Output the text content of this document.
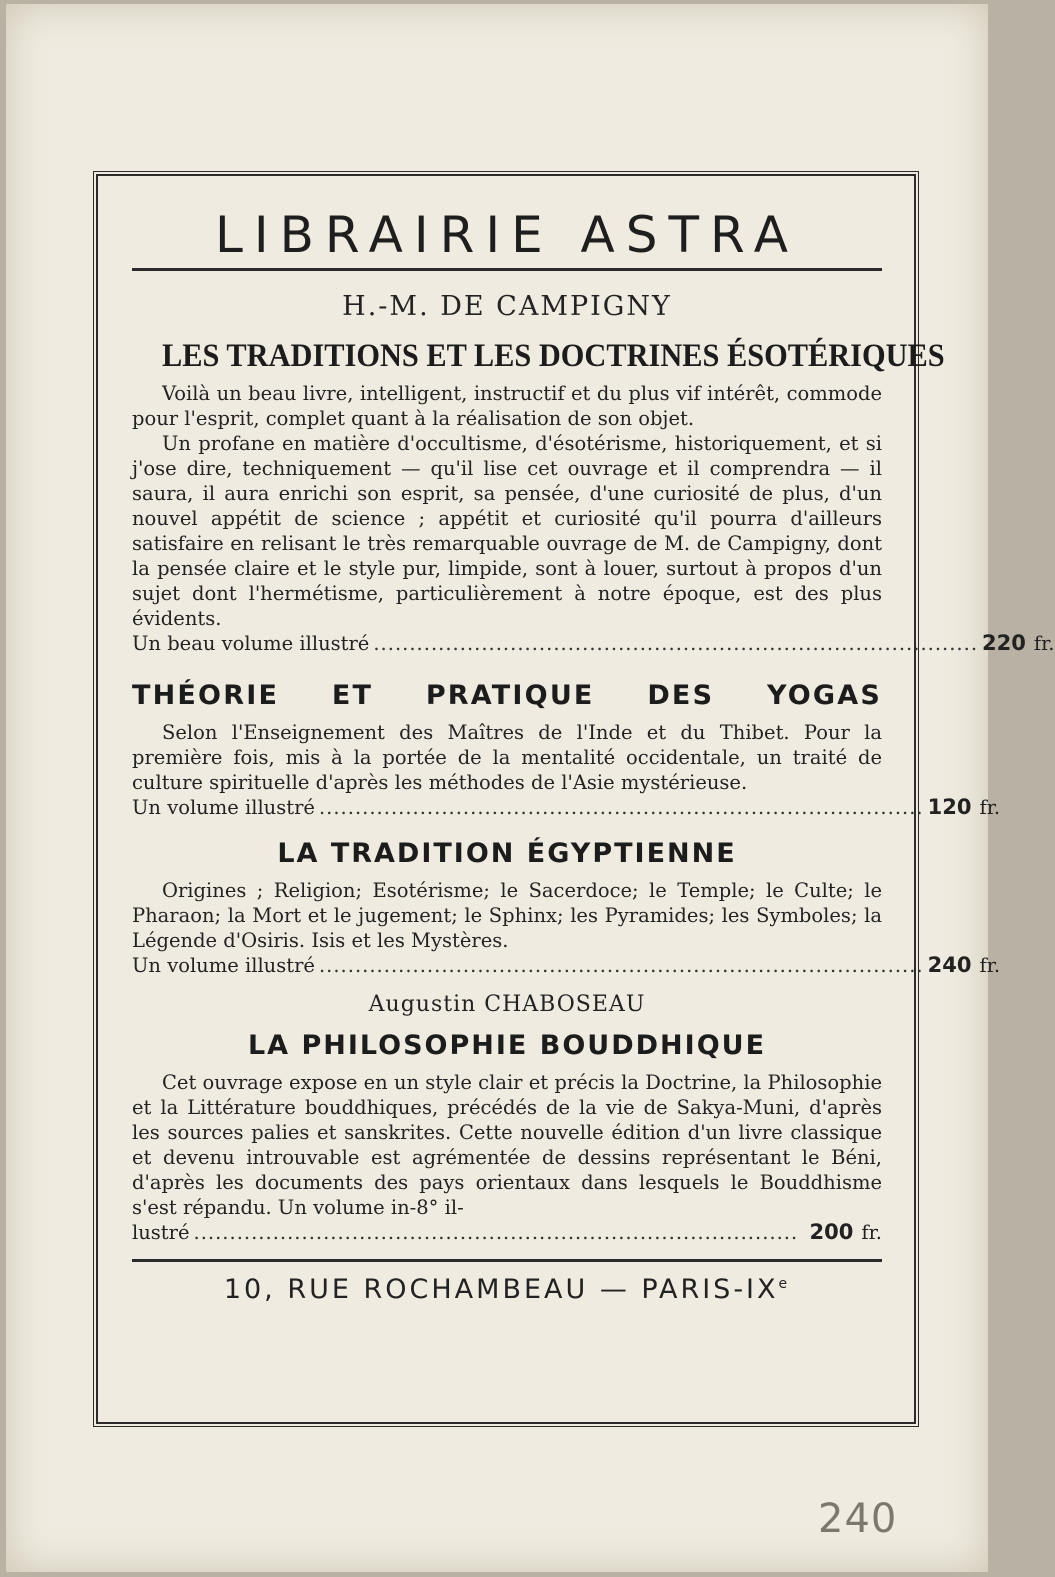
LIBRAIRIE ASTRA
H.-M. DE CAMPIGNY
LES TRADITIONS ET LES DOCTRINES ÉSOTÉRIQUES

Voilà un beau livre, intelligent, instructif et du plus vif intérêt, commode pour l'esprit, complet quant à la réalisation de son objet.

Un profane en matière d'occultisme, d'ésotérisme, historiquement, et si j'ose dire, techniquement — qu'il lise cet ouvrage et il comprendra — il saura, il aura enrichi son esprit, sa pensée, d'une curiosité de plus, d'un nouvel appétit de science ; appétit et curiosité qu'il pourra d'ailleurs satisfaire en relisant le très remarquable ouvrage de M. de Campigny, dont la pensée claire et le style pur, limpide, sont à louer, surtout à propos d'un sujet dont l'hermétisme, particulièrement à notre époque, est des plus évidents.

Un beau volume illustré .................................................................................... 220 fr.
THÉORIE ET PRATIQUE DES YOGAS

Selon l'Enseignement des Maîtres de l'Inde et du Thibet. Pour la première fois, mis à la portée de la mentalité occidentale, un traité de culture spirituelle d'après les méthodes de l'Asie mystérieuse.

Un volume illustré .................................................................................... 120 fr.
LA TRADITION ÉGYPTIENNE

Origines ; Religion; Esotérisme; le Sacerdoce; le Temple; le Culte; le Pharaon; la Mort et le jugement; le Sphinx; les Pyramides; les Symboles; la Légende d'Osiris. Isis et les Mystères.

Un volume illustré .................................................................................... 240 fr.
Augustin CHABOSEAU
LA PHILOSOPHIE BOUDDHIQUE

Cet ouvrage expose en un style clair et précis la Doctrine, la Philosophie et la Littérature bouddhiques, précédés de la vie de Sakya-Muni, d'après les sources palies et sanskrites. Cette nouvelle édition d'un livre classique et devenu introuvable est agrémentée de dessins représentant le Béni, d'après les documents des pays orientaux dans lesquels le Bouddhisme s'est répandu. Un volume in-8° il-

lustré .................................................................................... 200 fr.
10, RUE ROCHAMBEAU — PARIS-IXe
240
